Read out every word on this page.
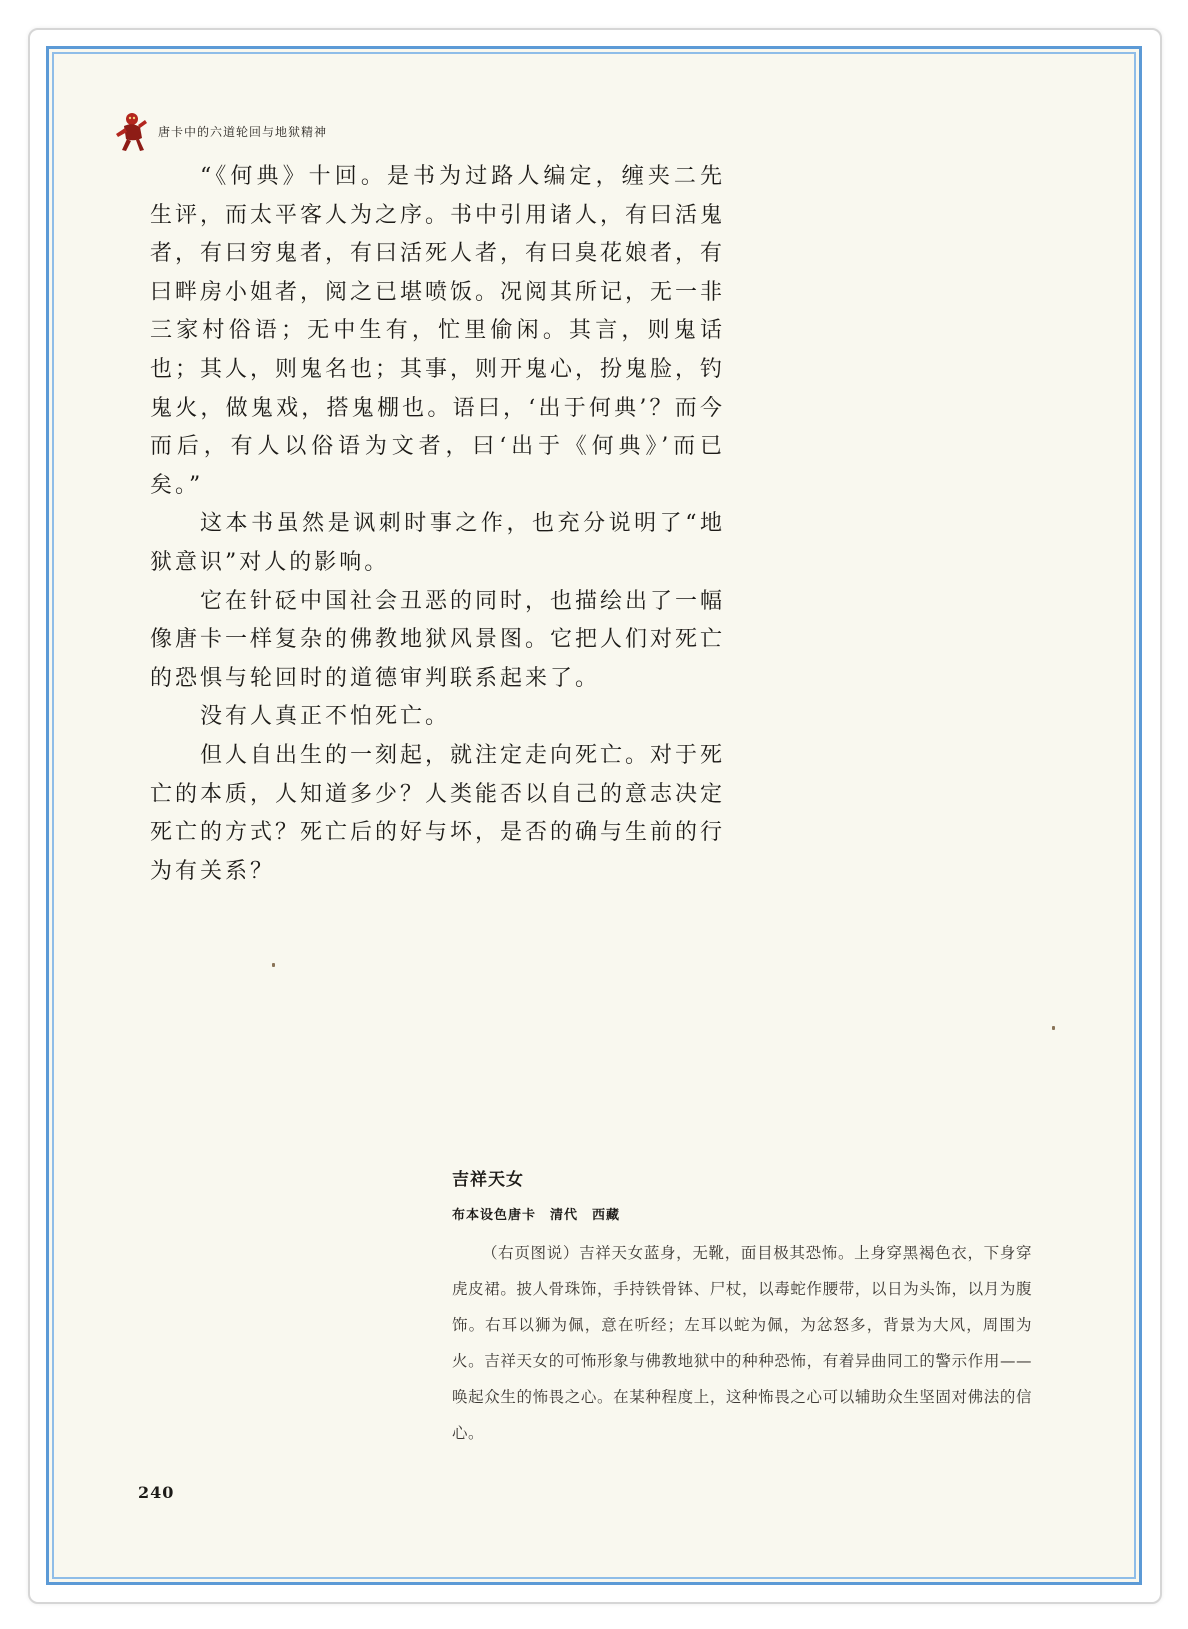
唐卡中的六道轮回与地狱精神

“《何典》十回。是书为过路人编定，缠夹二先生评，而太平客人为之序。书中引用诸人，有曰活鬼者，有曰穷鬼者，有曰活死人者，有曰臭花娘者，有曰畔房小姐者，阅之已堪喷饭。况阅其所记，无一非三家村俗语；无中生有，忙里偷闲。其言，则鬼话也；其人，则鬼名也；其事，则开鬼心，扮鬼脸，钓鬼火，做鬼戏，搭鬼棚也。语曰，‘出于何典’？而今而后，有人以俗语为文者，曰‘出于《何典》’而已矣。”

这本书虽然是讽刺时事之作，也充分说明了“地狱意识”对人的影响。

它在针砭中国社会丑恶的同时，也描绘出了一幅像唐卡一样复杂的佛教地狱风景图。它把人们对死亡的恐惧与轮回时的道德审判联系起来了。

没有人真正不怕死亡。

但人自出生的一刻起，就注定走向死亡。对于死亡的本质，人知道多少？人类能否以自己的意志决定死亡的方式？死亡后的好与坏，是否的确与生前的行为有关系？

吉祥天女
布本设色唐卡　清代　西藏
（右页图说）吉祥天女蓝身，无靴，面目极其恐怖。上身穿黑褐色衣，下身穿虎皮裙。披人骨珠饰，手持铁骨钵、尸杖，以毒蛇作腰带，以日为头饰，以月为腹饰。右耳以狮为佩，意在听经；左耳以蛇为佩，为忿怒多，背景为大风，周围为火。吉祥天女的可怖形象与佛教地狱中的种种恐怖，有着异曲同工的警示作用——唤起众生的怖畏之心。在某种程度上，这种怖畏之心可以辅助众生坚固对佛法的信心。
240
